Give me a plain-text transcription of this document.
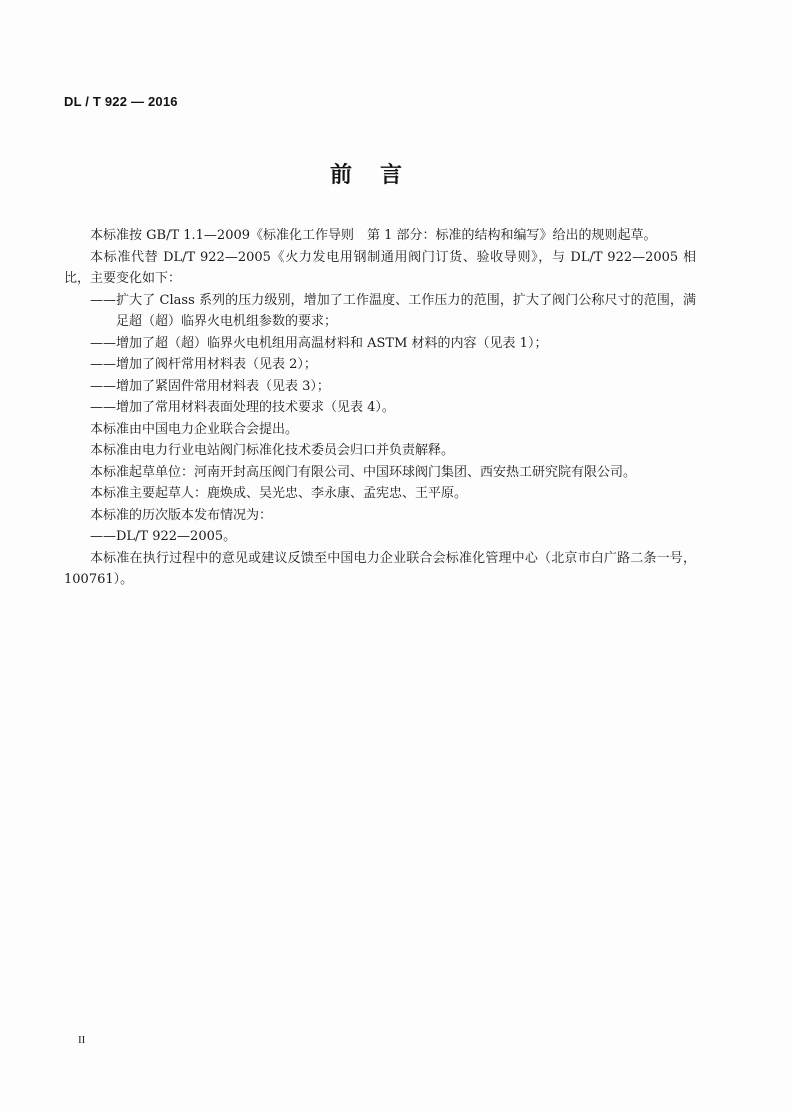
DL / T 922 — 2016
前言

本标准按 GB/T 1.1—2009《标准化工作导则　第 1 部分：标准的结构和编写》给出的规则起草。

本标准代替 DL/T 922—2005《火力发电用钢制通用阀门订货、验收导则》，与 DL/T 922—2005 相比，主要变化如下：

——扩大了 Class 系列的压力级别，增加了工作温度、工作压力的范围，扩大了阀门公称尺寸的范围，满足超（超）临界火电机组参数的要求；

——增加了超（超）临界火电机组用高温材料和 ASTM 材料的内容（见表 1）；

——增加了阀杆常用材料表（见表 2）；

——增加了紧固件常用材料表（见表 3）；

——增加了常用材料表面处理的技术要求（见表 4）。

本标准由中国电力企业联合会提出。

本标准由电力行业电站阀门标准化技术委员会归口并负责解释。

本标准起草单位：河南开封高压阀门有限公司、中国环球阀门集团、西安热工研究院有限公司。

本标准主要起草人：鹿焕成、吴光忠、李永康、孟宪忠、王平原。

本标准的历次版本发布情况为：

——DL/T 922—2005。

本标准在执行过程中的意见或建议反馈至中国电力企业联合会标准化管理中心（北京市白广路二条一号，100761）。

II
